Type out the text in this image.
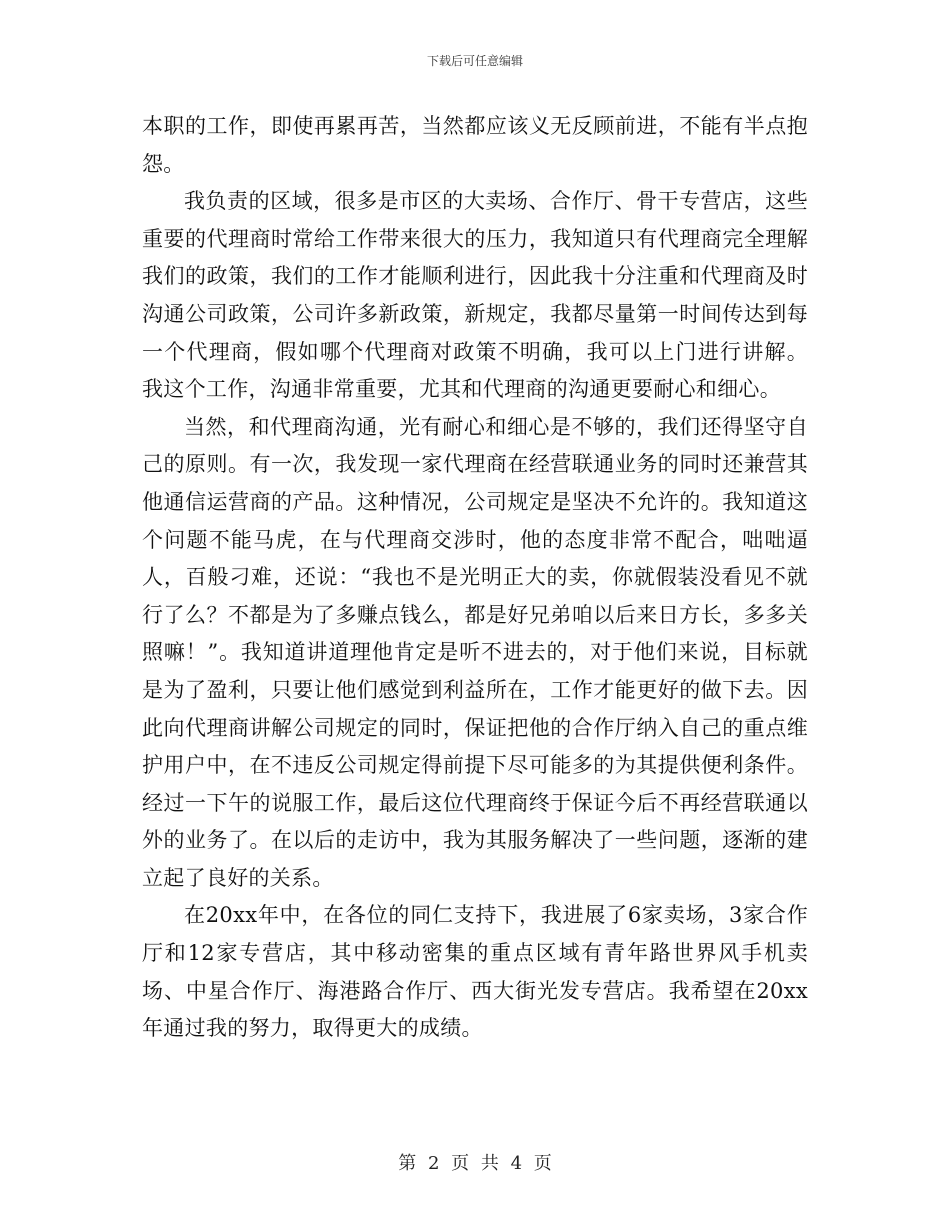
下载后可任意编辑

本职的工作，即使再累再苦，当然都应该义无反顾前进，不能有半点抱怨。

我负责的区域，很多是市区的大卖场、合作厅、骨干专营店，这些重要的代理商时常给工作带来很大的压力，我知道只有代理商完全理解我们的政策，我们的工作才能顺利进行，因此我十分注重和代理商及时沟通公司政策，公司许多新政策，新规定，我都尽量第一时间传达到每一个代理商，假如哪个代理商对政策不明确，我可以上门进行讲解。 我这个工作，沟通非常重要，尤其和代理商的沟通更要耐心和细心。

当然，和代理商沟通，光有耐心和细心是不够的，我们还得坚守自己的原则。有一次，我发现一家代理商在经营联通业务的同时还兼营其他通信运营商的产品。这种情况，公司规定是坚决不允许的。我知道这个问题不能马虎，在与代理商交涉时，他的态度非常不配合，咄咄逼人，百般刁难，还说：“我也不是光明正大的卖，你就假装没看见不就行了么？不都是为了多赚点钱么，都是好兄弟咱以后来日方长，多多关照嘛！”。我知道讲道理他肯定是听不进去的，对于他们来说，目标就是为了盈利，只要让他们感觉到利益所在，工作才能更好的做下去。因此向代理商讲解公司规定的同时，保证把他的合作厅纳入自己的重点维护用户中，在不违反公司规定得前提下尽可能多的为其提供便利条件。经过一下午的说服工作，最后这位代理商终于保证今后不再经营联通以外的业务了。在以后的走访中，我为其服务解决了一些问题，逐渐的建立起了良好的关系。

在20xx年中，在各位的同仁支持下，我进展了6家卖场，3家合作厅和12家专营店，其中移动密集的重点区域有青年路世界风手机卖场、中星合作厅、海港路合作厅、西大街光发专营店。我希望在20xx年通过我的努力，取得更大的成绩。

第 2 页 共 4 页
